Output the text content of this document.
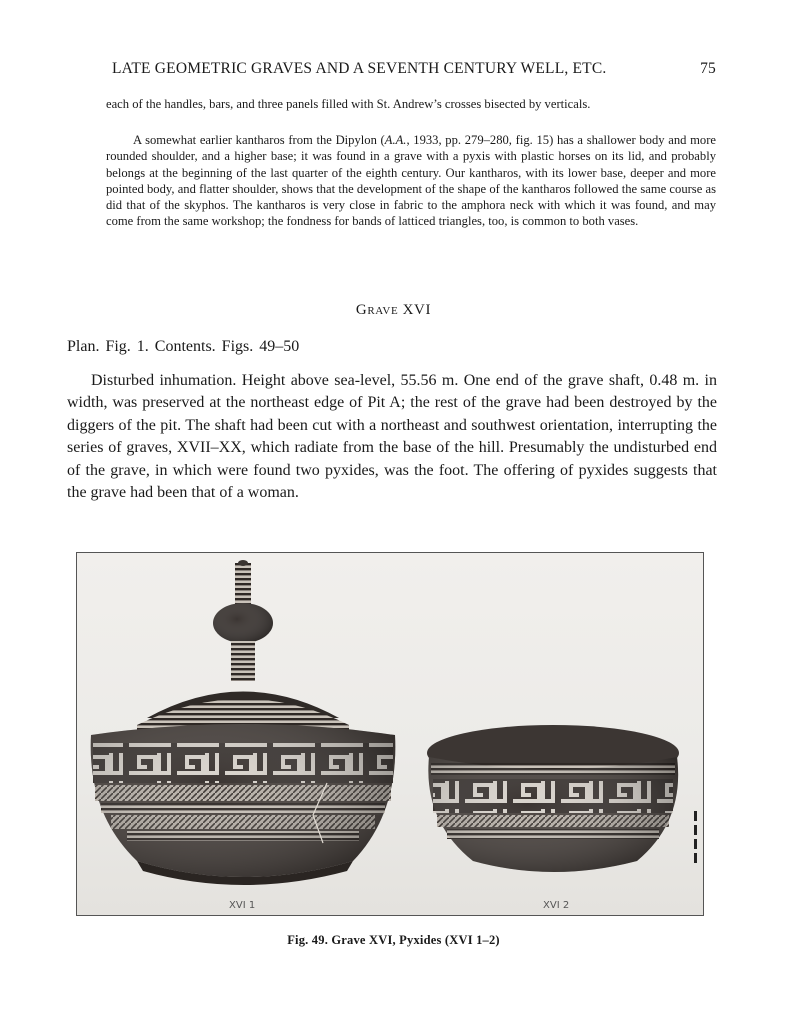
LATE GEOMETRIC GRAVES AND A SEVENTH CENTURY WELL, ETC.	75

each of the handles, bars, and three panels filled with St. Andrew’s crosses bisected by verticals.

A somewhat earlier kantharos from the Dipylon (A.A., 1933, pp. 279–280, fig. 15) has a shallower body and more rounded shoulder, and a higher base; it was found in a grave with a pyxis with plastic horses on its lid, and probably belongs at the beginning of the last quarter of the eighth century. Our kantharos, with its lower base, deeper and more pointed body, and flatter shoulder, shows that the development of the shape of the kantharos followed the same course as did that of the skyphos. The kantharos is very close in fabric to the amphora neck with which it was found, and may come from the same workshop; the fondness for bands of latticed triangles, too, is common to both vases.

Grave XVI
Plan. Fig. 1. Contents. Figs. 49–50

Disturbed inhumation. Height above sea-level, 55.56 m. One end of the grave shaft, 0.48 m. in width, was preserved at the northeast edge of Pit A; the rest of the grave had been destroyed by the diggers of the pit. The shaft had been cut with a northeast and southwest orientation, interrupting the series of graves, XVII–XX, which radiate from the base of the hill. Presumably the undisturbed end of the grave, in which were found two pyxides, was the foot. The offering of pyxides suggests that the grave had been that of a woman.

XVI 1	XVI 2
Fig. 49. Grave XVI, Pyxides (XVI 1–2)
